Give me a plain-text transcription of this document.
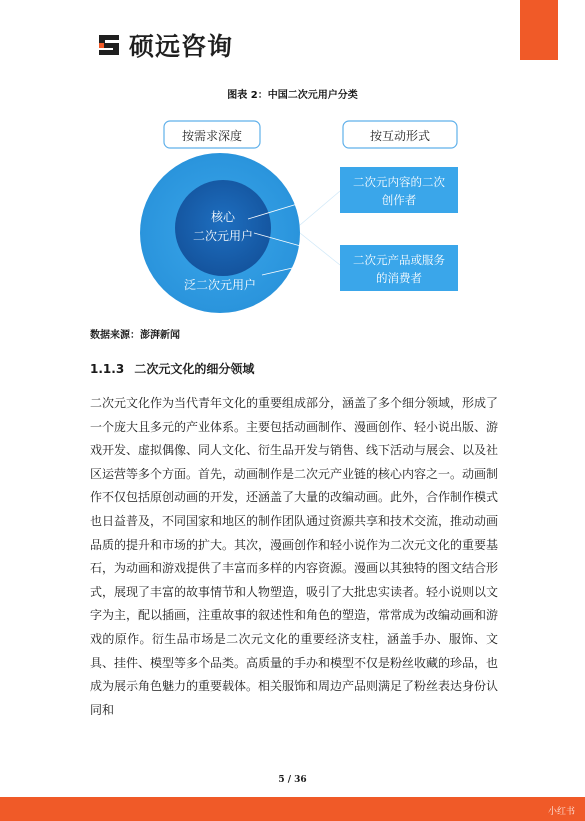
硕远咨询
图表 2：中国二次元用户分类
按需求深度	按互动形式
核心
二次元用户
泛二次元用户
二次元内容的二次
创作者
二次元产品或服务
的消费者
数据来源：澎湃新闻
1.1.3 二次元文化的细分领域
二次元文化作为当代青年文化的重要组成部分，涵盖了多个细分领域，形成了一个庞大且多元的产业体系。主要包括动画制作、漫画创作、轻小说出版、游戏开发、虚拟偶像、同人文化、衍生品开发与销售、线下活动与展会、以及社区运营等多个方面。首先，动画制作是二次元产业链的核心内容之一。动画制作不仅包括原创动画的开发，还涵盖了大量的改编动画。此外，合作制作模式也日益普及，不同国家和地区的制作团队通过资源共享和技术交流，推动动画品质的提升和市场的扩大。其次，漫画创作和轻小说作为二次元文化的重要基石，为动画和游戏提供了丰富而多样的内容资源。漫画以其独特的图文结合形式，展现了丰富的故事情节和人物塑造，吸引了大批忠实读者。轻小说则以文字为主，配以插画，注重故事的叙述性和角色的塑造，常常成为改编动画和游戏的原作。衍生品市场是二次元文化的重要经济支柱，涵盖手办、服饰、文具、挂件、模型等多个品类。高质量的手办和模型不仅是粉丝收藏的珍品，也成为展示角色魅力的重要载体。相关服饰和周边产品则满足了粉丝表达身份认同和
5 / 36
小红书
